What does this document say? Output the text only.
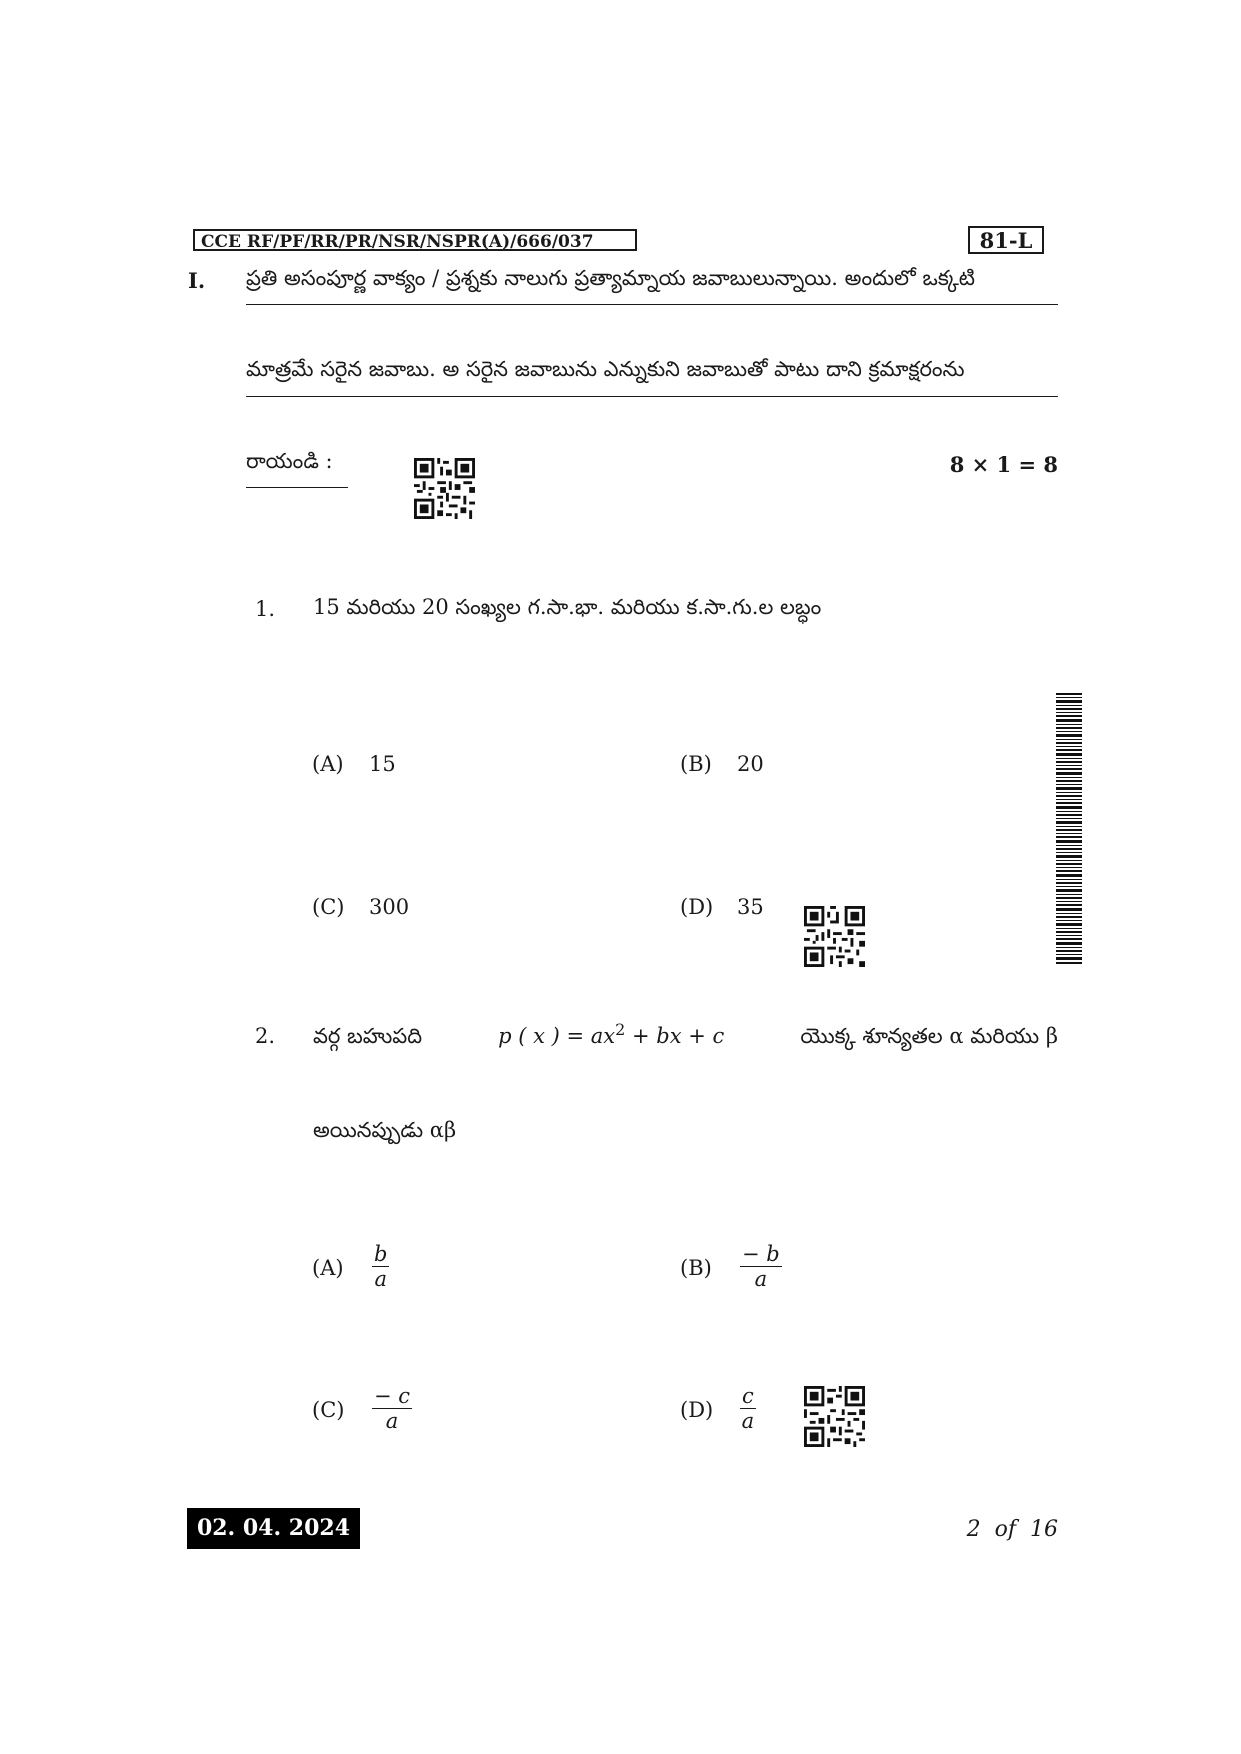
CCE RF/PF/RR/PR/NSR/NSPR(A)/666/037	81-L
I. ప్రతి అసంపూర్ణ వాక్యం / ప్రశ్నకు నాలుగు ప్రత్యామ్నాయ జవాబులున్నాయి. అందులో ఒక్కటి
మాత్రమే సరైన జవాబు. అ సరైన జవాబును ఎన్నుకుని జవాబుతో పాటు దాని క్రమాక్షరంను
రాయండి :	8 × 1 = 8
1. 15 మరియు 20 సంఖ్యల గ.సా.భా. మరియు క.సా.గు.ల లబ్ధం
(A) 15	(B) 20
(C) 300	(D) 35
2. వర్గ బహుపది	p ( x ) = $ax^2$ + bx + c	యొక్క శూన్యతల α మరియు β
అయినప్పుడు αβ
$(A) \frac{b}{a}$	$(B) \frac{- b}{a}$
$(C) \frac{- c}{a}$	$(D) \frac{c}{a}$
02. 04. 2024	2  of  16
